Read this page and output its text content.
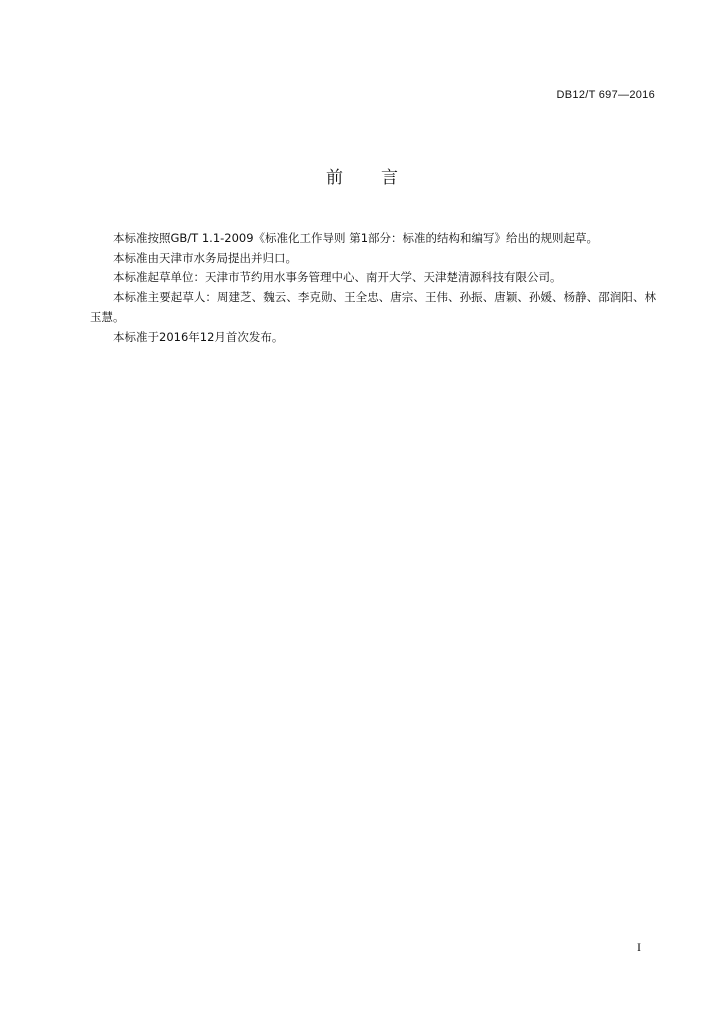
DB12/T 697—2016
前 言

本标准按照GB/T 1.1-2009《标准化工作导则 第1部分：标准的结构和编写》给出的规则起草。

本标准由天津市水务局提出并归口。

本标准起草单位：天津市节约用水事务管理中心、南开大学、天津楚清源科技有限公司。

本标准主要起草人：周建芝、魏云、李克勋、王全忠、唐宗、王伟、孙振、唐颖、孙媛、杨静、邵润阳、林玉慧。

本标准于2016年12月首次发布。

I
